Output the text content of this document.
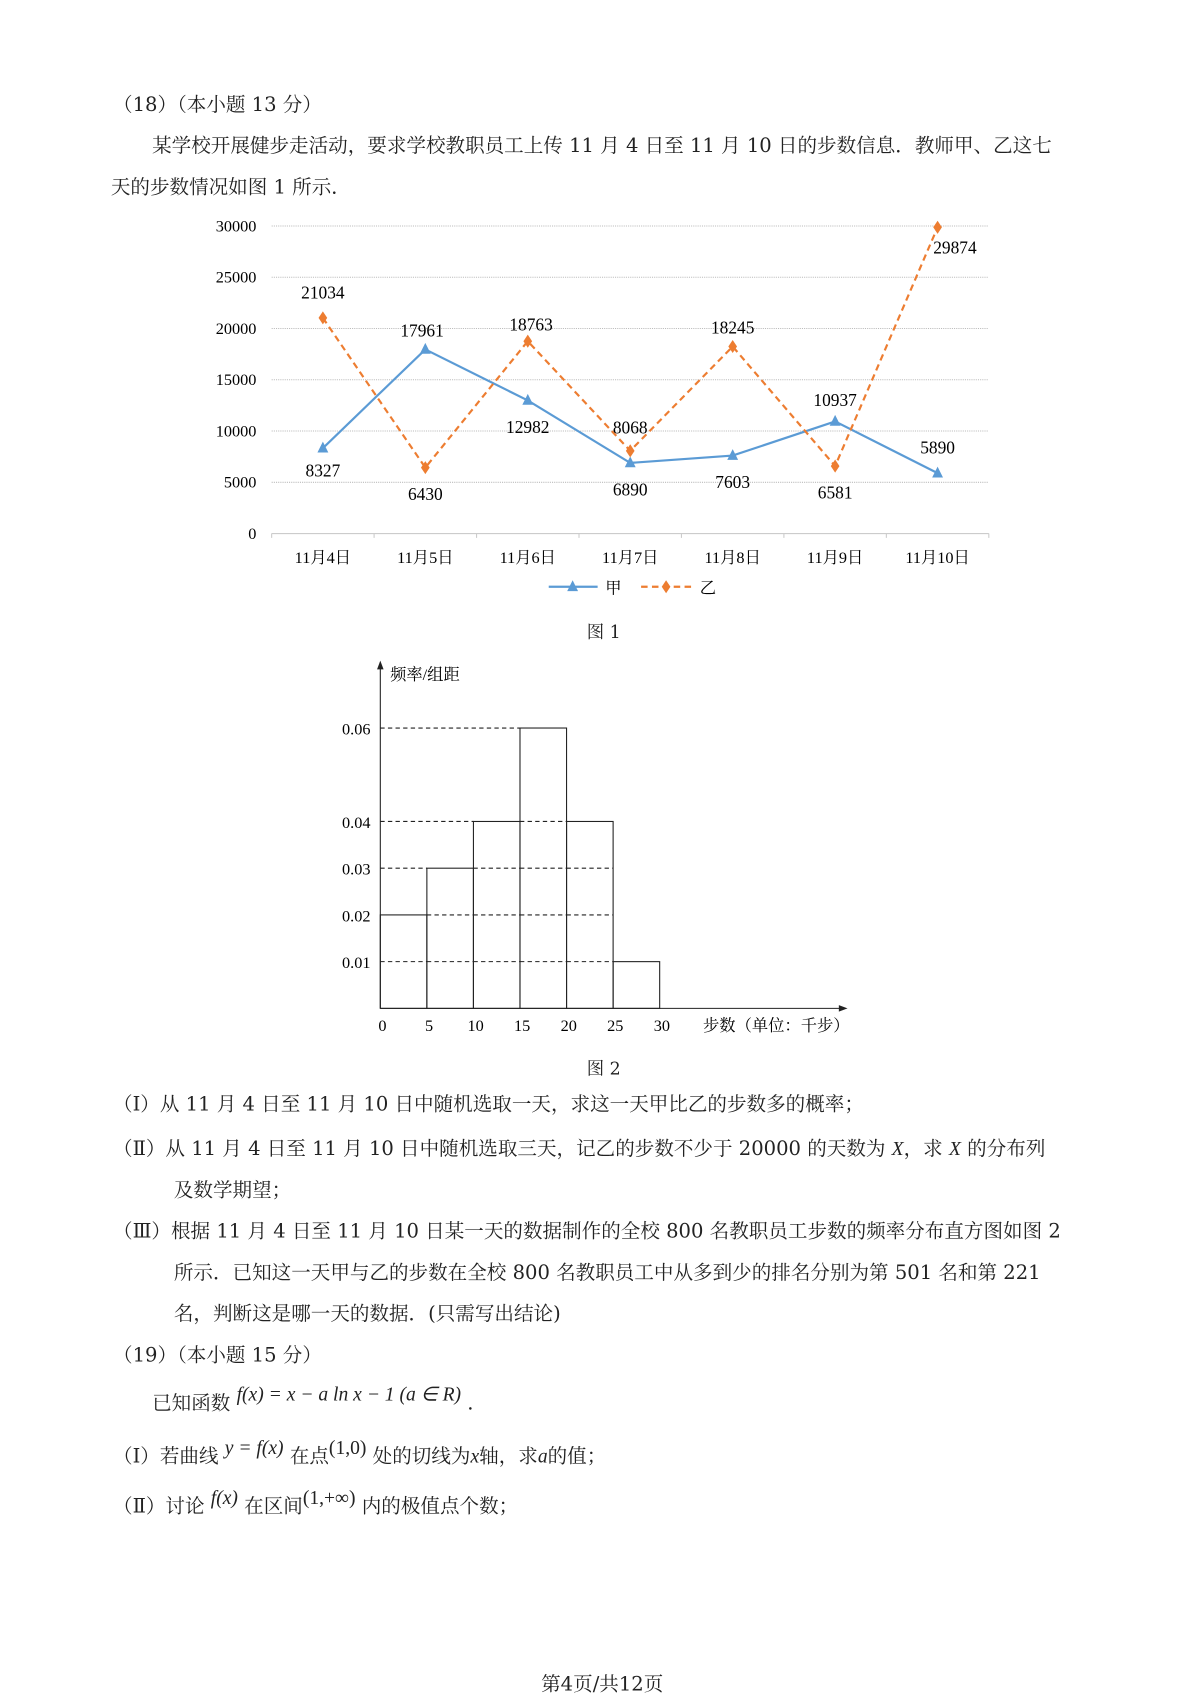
（18）（本小题 13 分）
某学校开展健步走活动，要求学校教职员工上传 11 月 4 日至 11 月 10 日的步数信息．教师甲、乙这七
天的步数情况如图 1 所示．
0
5000
10000
15000
20000
25000
30000
11月4日	11月5日	11月6日	11月7日	11月8日	11月9日	11月10日
8327
17961
12982
6890	7603
10937
5890
21034
6430
18763
8068
18245
6581
29874
甲	乙
图 1
频率/组距
步数（单位：千步）
0.01
0.02
0.03
0.04
0.06
0	5 10 15 20 25 30
图 2
（Ⅰ）从 11 月 4 日至 11 月 10 日中随机选取一天，求这一天甲比乙的步数多的概率；
（Ⅱ）从 11 月 4 日至 11 月 10 日中随机选取三天，记乙的步数不少于 20000 的天数为 X，求 X 的分布列
及数学期望；
（Ⅲ）根据 11 月 4 日至 11 月 10 日某一天的数据制作的全校 800 名教职员工步数的频率分布直方图如图 2
所示．已知这一天甲与乙的步数在全校 800 名教职员工中从多到少的排名分别为第 501 名和第 221
名，判断这是哪一天的数据．(只需写出结论)
（19）（本小题 15 分）
已知函数 f(x) = x − a ln x − 1 (a ∈ R) .
（Ⅰ）若曲线 y = f(x) 在点(1,0) 处的切线为x轴，求a的值；
（Ⅱ）讨论 f(x) 在区间(1,+∞) 内的极值点个数；
第4页/共12页
